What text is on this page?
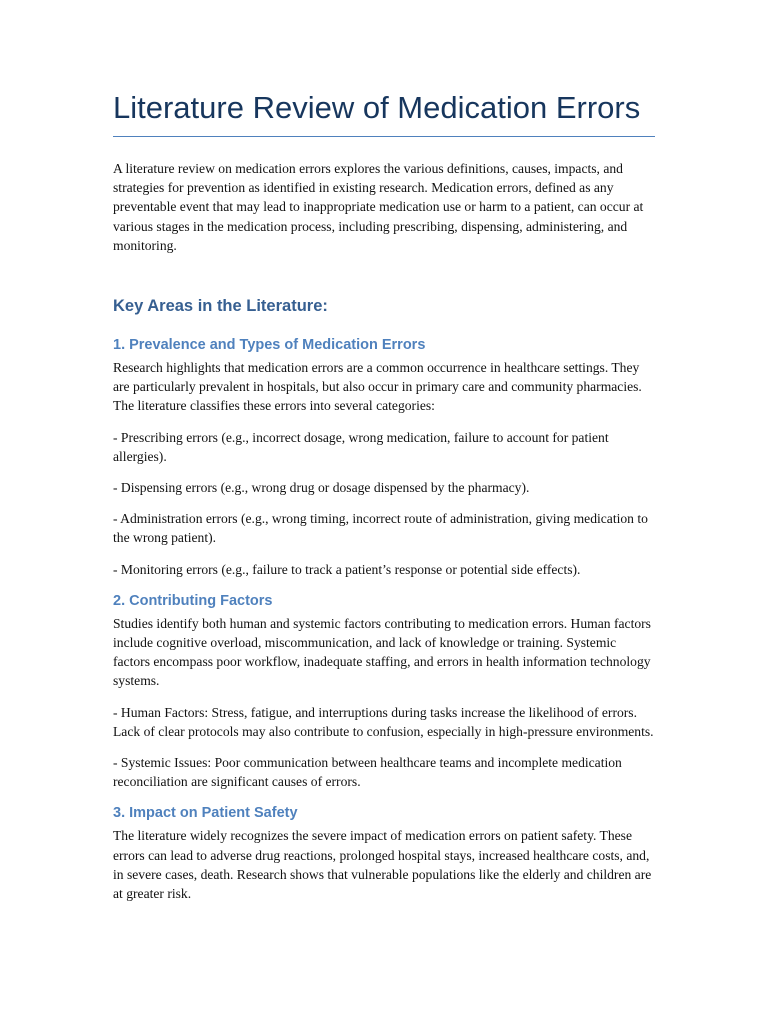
Literature Review of Medication Errors

A literature review on medication errors explores the various definitions, causes, impacts, and strategies for prevention as identified in existing research. Medication errors, defined as any preventable event that may lead to inappropriate medication use or harm to a patient, can occur at various stages in the medication process, including prescribing, dispensing, administering, and monitoring.

Key Areas in the Literature:
1. Prevalence and Types of Medication Errors

Research highlights that medication errors are a common occurrence in healthcare settings. They are particularly prevalent in hospitals, but also occur in primary care and community pharmacies. The literature classifies these errors into several categories:

- Prescribing errors (e.g., incorrect dosage, wrong medication, failure to account for patient allergies).

- Dispensing errors (e.g., wrong drug or dosage dispensed by the pharmacy).

- Administration errors (e.g., wrong timing, incorrect route of administration, giving medication to the wrong patient).

- Monitoring errors (e.g., failure to track a patient’s response or potential side effects).

2. Contributing Factors

Studies identify both human and systemic factors contributing to medication errors. Human factors include cognitive overload, miscommunication, and lack of knowledge or training. Systemic factors encompass poor workflow, inadequate staffing, and errors in health information technology systems.

- Human Factors: Stress, fatigue, and interruptions during tasks increase the likelihood of errors. Lack of clear protocols may also contribute to confusion, especially in high-pressure environments.

- Systemic Issues: Poor communication between healthcare teams and incomplete medication reconciliation are significant causes of errors.

3. Impact on Patient Safety

The literature widely recognizes the severe impact of medication errors on patient safety. These errors can lead to adverse drug reactions, prolonged hospital stays, increased healthcare costs, and, in severe cases, death. Research shows that vulnerable populations like the elderly and children are at greater risk.
